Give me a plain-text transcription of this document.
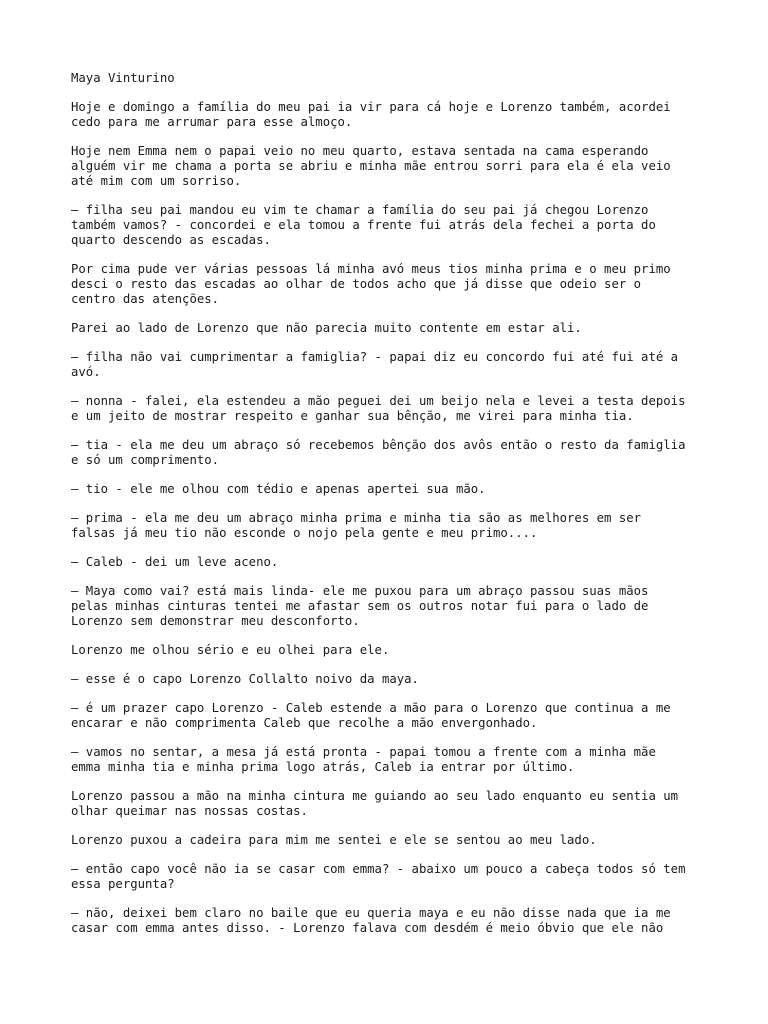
Maya Vinturino
Hoje e domingo a família do meu pai ia vir para cá hoje e Lorenzo também, acordei
cedo para me arrumar para esse almoço.
Hoje nem Emma nem o papai veio no meu quarto, estava sentada na cama esperando
alguém vir me chama a porta se abriu e minha mãe entrou sorri para ela é ela veio
até mim com um sorriso.
— filha seu pai mandou eu vim te chamar a família do seu pai já chegou Lorenzo
também vamos? - concordei e ela tomou a frente fui atrás dela fechei a porta do
quarto descendo as escadas.
Por cima pude ver várias pessoas lá minha avó meus tios minha prima e o meu primo
desci o resto das escadas ao olhar de todos acho que já disse que odeio ser o
centro das atenções.
Parei ao lado de Lorenzo que não parecia muito contente em estar ali.
— filha não vai cumprimentar a famiglia? - papai diz eu concordo fui até fui até a
avó.
— nonna - falei, ela estendeu a mão peguei dei um beijo nela e levei a testa depois
e um jeito de mostrar respeito e ganhar sua bênção, me virei para minha tia.
— tia - ela me deu um abraço só recebemos bênção dos avôs então o resto da famiglia
e só um comprimento.
— tio - ele me olhou com tédio e apenas apertei sua mão.
— prima - ela me deu um abraço minha prima e minha tia são as melhores em ser
falsas já meu tio não esconde o nojo pela gente e meu primo....
— Caleb - dei um leve aceno.
— Maya como vai? está mais linda- ele me puxou para um abraço passou suas mãos
pelas minhas cinturas tentei me afastar sem os outros notar fui para o lado de
Lorenzo sem demonstrar meu desconforto.
Lorenzo me olhou sério e eu olhei para ele.
— esse é o capo Lorenzo Collalto noivo da maya.
— é um prazer capo Lorenzo - Caleb estende a mão para o Lorenzo que continua a me
encarar e não comprimenta Caleb que recolhe a mão envergonhado.
— vamos no sentar, a mesa já está pronta - papai tomou a frente com a minha mãe
emma minha tia e minha prima logo atrás, Caleb ia entrar por último.
Lorenzo passou a mão na minha cintura me guiando ao seu lado enquanto eu sentia um
olhar queimar nas nossas costas.
Lorenzo puxou a cadeira para mim me sentei e ele se sentou ao meu lado.
— então capo você não ia se casar com emma? - abaixo um pouco a cabeça todos só tem
essa pergunta?
— não, deixei bem claro no baile que eu queria maya e eu não disse nada que ia me
casar com emma antes disso. - Lorenzo falava com desdém é meio óbvio que ele não
